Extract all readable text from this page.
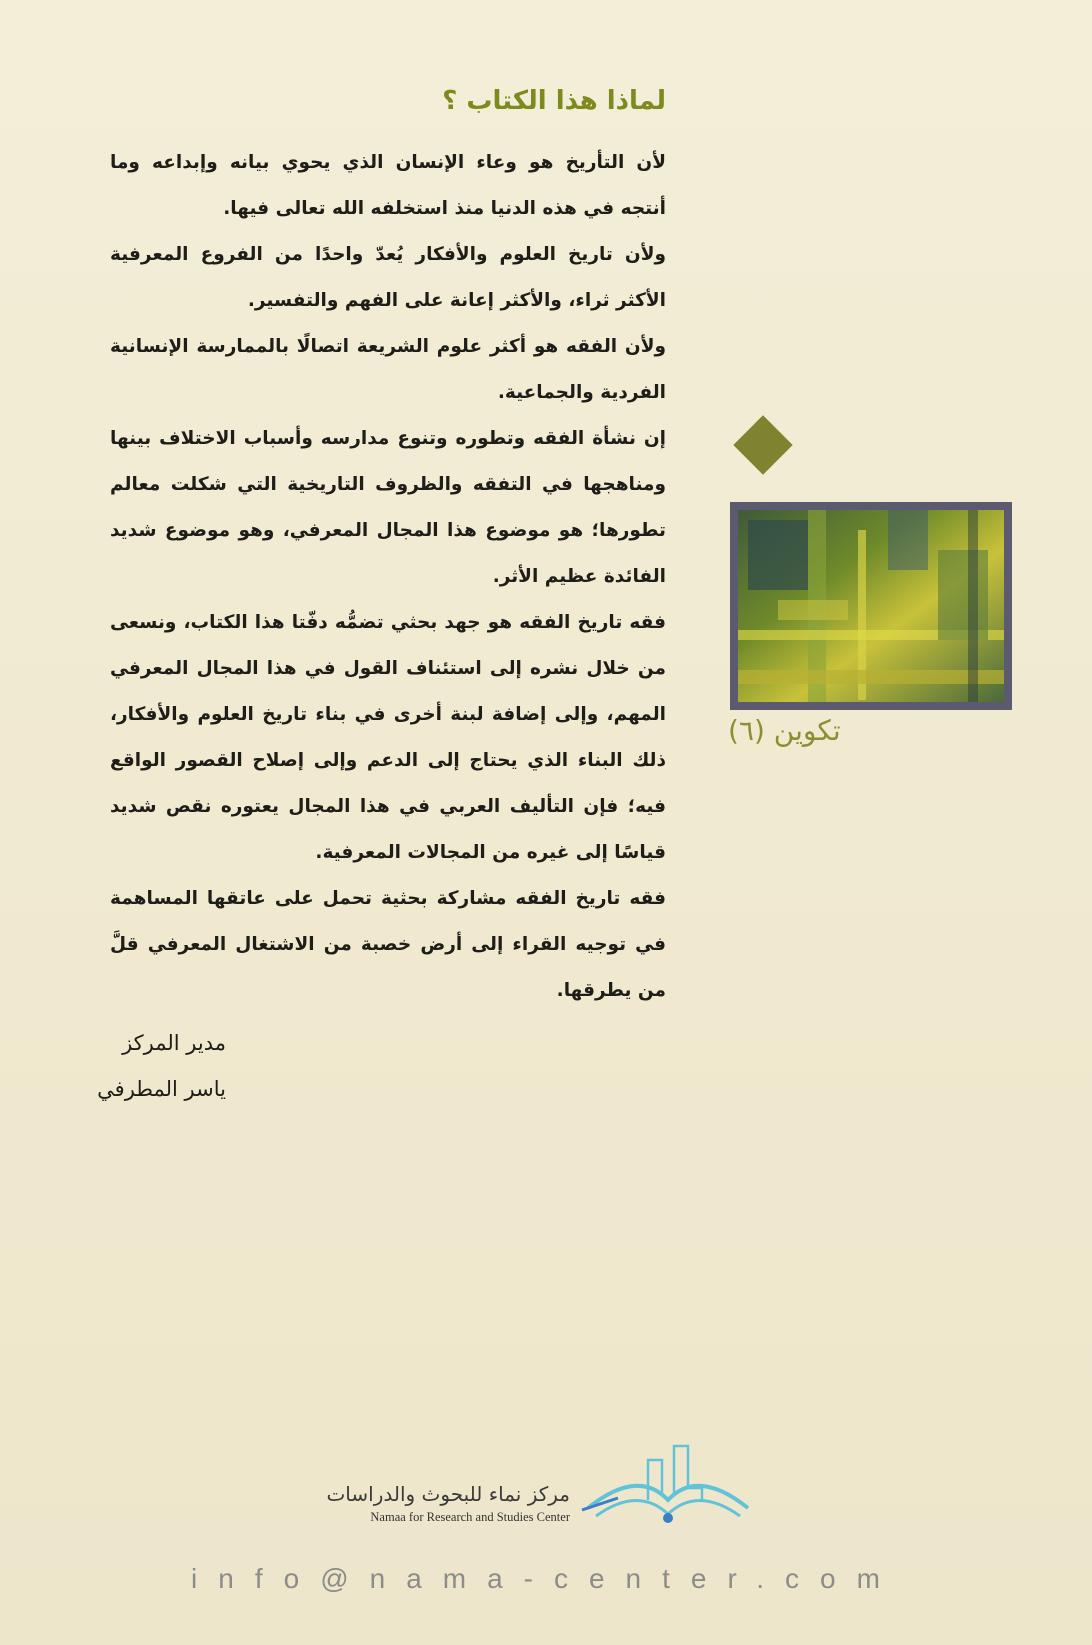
لماذا هذا الكتاب ؟

لأن التأريخ هو وعاء الإنسان الذي يحوي بيانه وإبداعه وما أنتجه في هذه الدنيا منذ استخلفه الله تعالى فيها.

ولأن تاريخ العلوم والأفكار يُعدّ واحدًا من الفروع المعرفية الأكثر ثراء، والأكثر إعانة على الفهم والتفسير.

ولأن الفقه هو أكثر علوم الشريعة اتصالًا بالممارسة الإنسانية الفردية والجماعية.

إن نشأة الفقه وتطوره وتنوع مدارسه وأسباب الاختلاف بينها ومناهجها في التفقه والظروف التاريخية التي شكلت معالم تطورها؛ هو موضوع هذا المجال المعرفي، وهو موضوع شديد الفائدة عظيم الأثر.

فقه تاريخ الفقه هو جهد بحثي تضمُّه دفّتا هذا الكتاب، ونسعى من خلال نشره إلى استئناف القول في هذا المجال المعرفي المهم، وإلى إضافة لبنة أخرى في بناء تاريخ العلوم والأفكار، ذلك البناء الذي يحتاج إلى الدعم وإلى إصلاح القصور الواقع فيه؛ فإن التأليف العربي في هذا المجال يعتوره نقص شديد قياسًا إلى غيره من المجالات المعرفية.

فقه تاريخ الفقه مشاركة بحثية تحمل على عاتقها المساهمة في توجيه القراء إلى أرض خصبة من الاشتغال المعرفي قلَّ من يطرقها.

مدير المركز
ياسر المطرفي
تكوين (٦)
مركز نماء للبحوث والدراسات
Namaa for Research and Studies Center
info@nama-center.com
